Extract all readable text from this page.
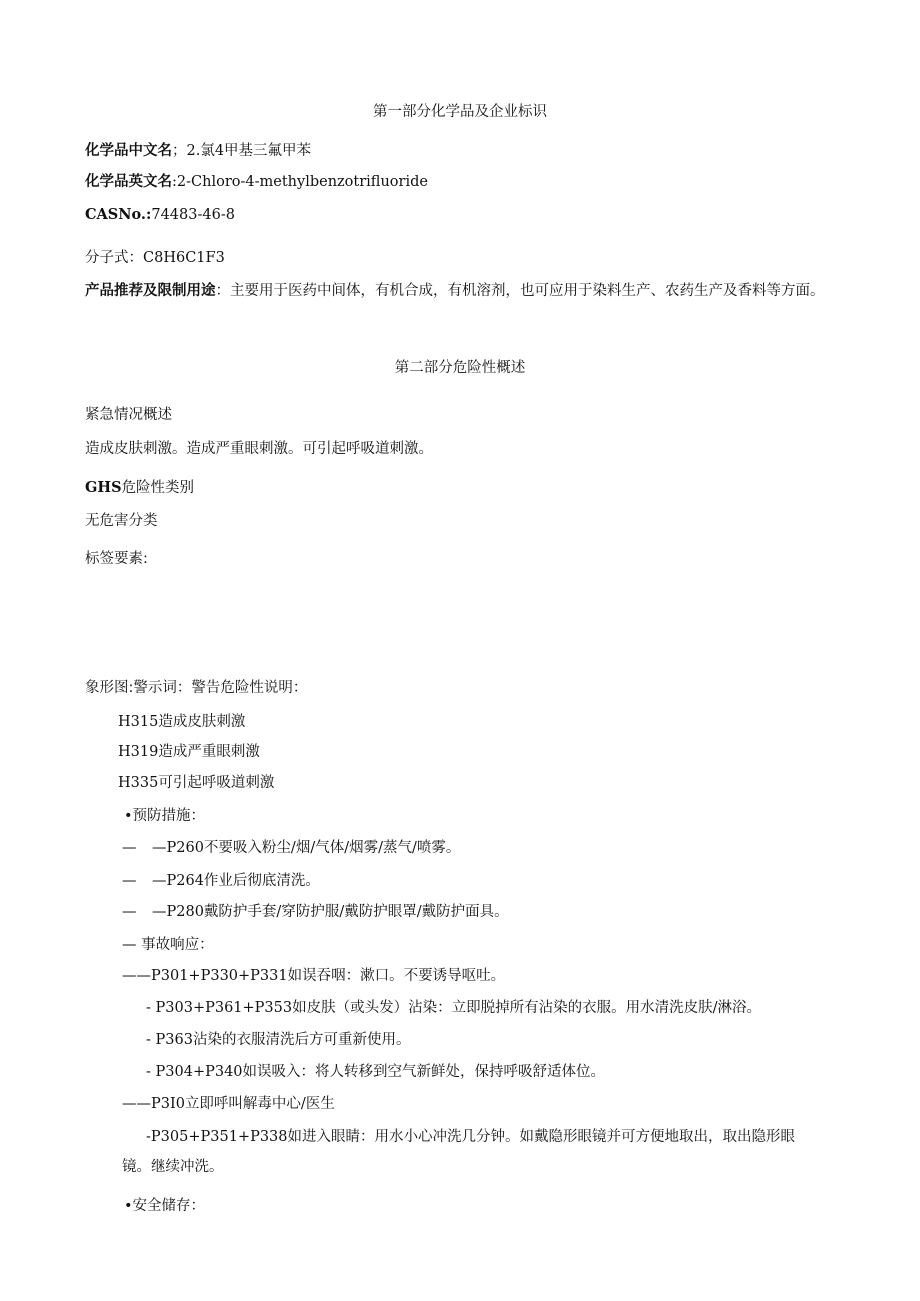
第一部分化学品及企业标识
化学品中文名；2.氯4甲基三氟甲苯
化学品英文名:2-Chloro-4-methylbenzotrifluoride
CASNo.:74483-46-8
分子式：C8H6C1F3
产品推荐及限制用途：主要用于医药中间体，有机合成，有机溶剂，也可应用于染料生产、农药生产及香料等方面。
第二部分危险性概述
紧急情况概述
造成皮肤刺激。造成严重眼刺激。可引起呼吸道刺激。
GHS危险性类别
无危害分类
标签要素:
象形图:警示词：警告危险性说明：
H315造成皮肤刺激
H319造成严重眼刺激
H335可引起呼吸道刺激
•预防措施：
— —P260不要吸入粉尘/烟/气体/烟雾/蒸气/喷雾。
— —P264作业后彻底清洗。
— —P280戴防护手套/穿防护服/戴防护眼罩/戴防护面具。
— 事故响应：
——P301+P330+P331如误吞咽：漱口。不要诱导呕吐。
- P303+P361+P353如皮肤（或头发）沾染：立即脱掉所有沾染的衣服。用水清洗皮肤/淋浴。
- P363沾染的衣服清洗后方可重新使用。
- P304+P340如误吸入：将人转移到空气新鲜处，保持呼吸舒适体位。
——P3I0立即呼叫解毒中心/医生
-P305+P351+P338如进入眼睛：用水小心冲洗几分钟。如戴隐形眼镜并可方便地取出，取出隐形眼镜。继续冲洗。
•安全储存：
